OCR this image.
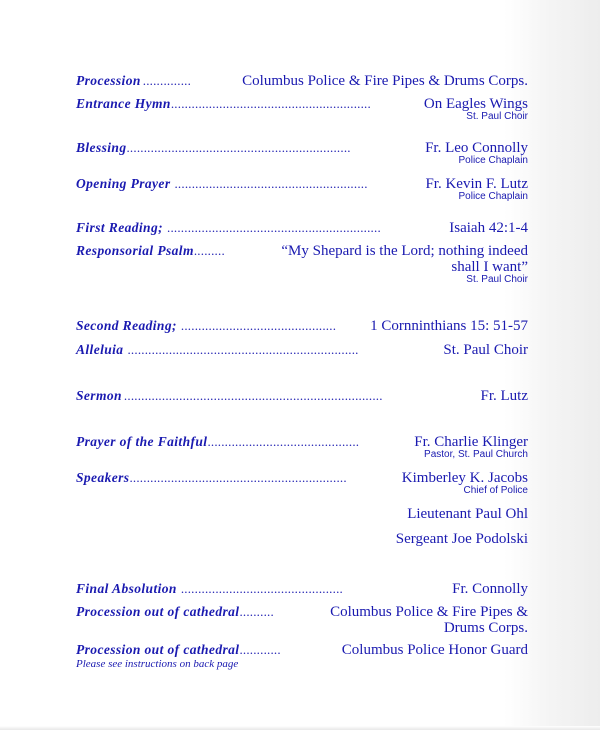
Procession ..............	Columbus Police & Fire Pipes & Drums Corps.
Entrance Hymn ..........................................................	On Eagles Wings
St. Paul Choir
Blessing .................................................................	Fr. Leo Connolly
Police Chaplain
Opening Prayer ........................................................	Fr. Kevin F. Lutz
Police Chaplain
First Reading; ..............................................................	Isaiah 42:1-4
Responsorial Psalm .........	“My Shepard is the Lord; nothing indeed
shall I want”
St. Paul Choir
Second Reading; ............................................. 1 Cornninthians 15: 51-57
Alleluia ...................................................................	St. Paul Choir
Sermon ...........................................................................	Fr. Lutz
Prayer of the Faithful ............................................	Fr. Charlie Klinger
Pastor, St. Paul Church
Speakers ...............................................................	Kimberley K. Jacobs
Chief of Police
Lieutenant Paul Ohl
Sergeant Joe Podolski
Final Absolution ...............................................	Fr. Connolly
Procession out of cathedral ..........	Columbus Police & Fire Pipes &
Drums Corps.
Procession out of cathedral ............	Columbus Police Honor Guard
Please see instructions on back page
